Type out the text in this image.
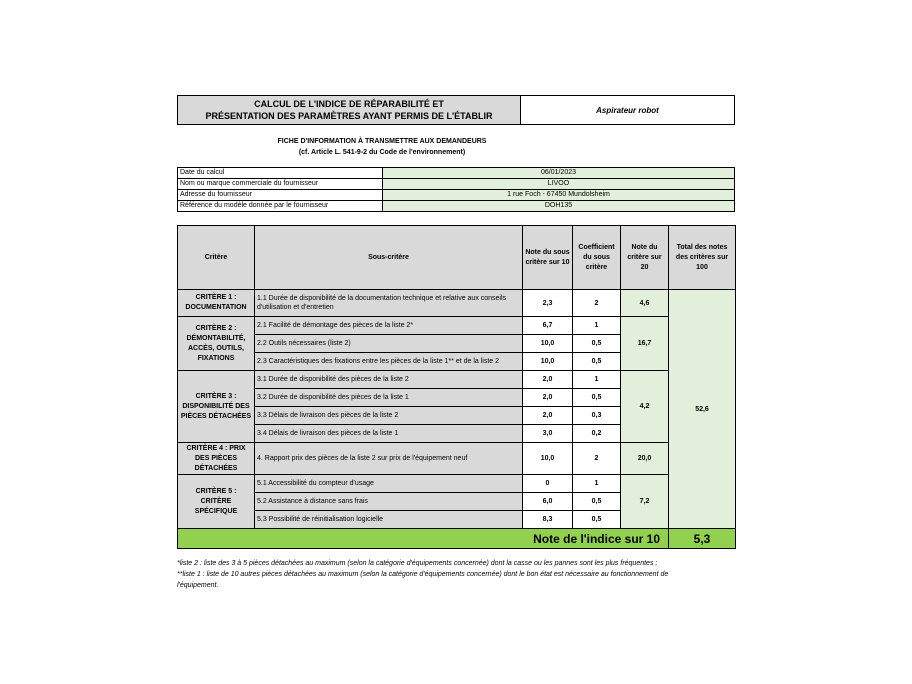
CALCUL DE L'INDICE DE RÉPARABILITÉ ET
PRÉSENTATION DES PARAMÈTRES AYANT PERMIS DE L'ÉTABLIR
Aspirateur robot
FICHE D'INFORMATION À TRANSMETTRE AUX DEMANDEURS
(cf. Article L. 541-9-2 du Code de l'environnement)
Date du calcul	06/01/2023
Nom ou marque commerciale du fournisseur	LIVOO
Adresse du fournisseur	1 rue Foch - 67450 Mundolsheim
Référence du modèle donnée par le fournisseur	DOH135
Critère	Sous-critère	Note du sous critère sur 10	Coefficient du sous critère	Note du critère sur 20	Total des notes des critères sur 100
CRITÈRE 1 : DOCUMENTATION	1.1 Durée de disponibilité de la documentation technique et relative aux conseils d'utilisation et d'entretien	2,3	2	4,6	52,6
CRITÈRE 2 : DÉMONTABILITÉ, ACCÈS, OUTILS, FIXATIONS	2.1 Facilité de démontage des pièces de la liste 2*	6,7	1	16,7	
	2.2 Outils nécessaires (liste 2)	10,0	0,5		
	2.3 Caractéristiques des fixations entre les pièces de la liste 1** et de la liste 2	10,0	0,5		
CRITÈRE 3 : DISPONIBILITÉ DES PIÈCES DÉTACHÉES	3.1 Durée de disponibilité des pièces de la liste 2	2,0	1	4,2	
	3.2 Durée de disponibilité des pièces de la liste 1	2,0	0,5		
	3.3 Délais de livraison des pièces de la liste 2	2,0	0,3		
	3.4 Délais de livraison des pièces de la liste 1	3,0	0,2		
CRITÈRE 4 : PRIX DES PIÈCES DÉTACHÉES	4. Rapport prix des pièces de la liste 2 sur prix de l'équipement neuf	10,0	2	20,0	
CRITÈRE 5 : CRITÈRE SPÉCIFIQUE	5.1 Accessibilité du compteur d'usage	0	1	7,2	
	5.2 Assistance à distance sans frais	6,0	0,5		
	5.3 Possibilité de réinitialisation logicielle	8,3	0,5		
Note de l'indice sur 10					5,3
*liste 2 : liste des 3 à 5 pièces détachées au maximum (selon la catégorie d'équipements concernée) dont la casse ou les pannes sont les plus fréquentes ;
**liste 1 : liste de 10 autres pièces détachées au maximum (selon la catégorie d'équipements concernée) dont le bon état est nécessaire au fonctionnement de
l'équipement.
